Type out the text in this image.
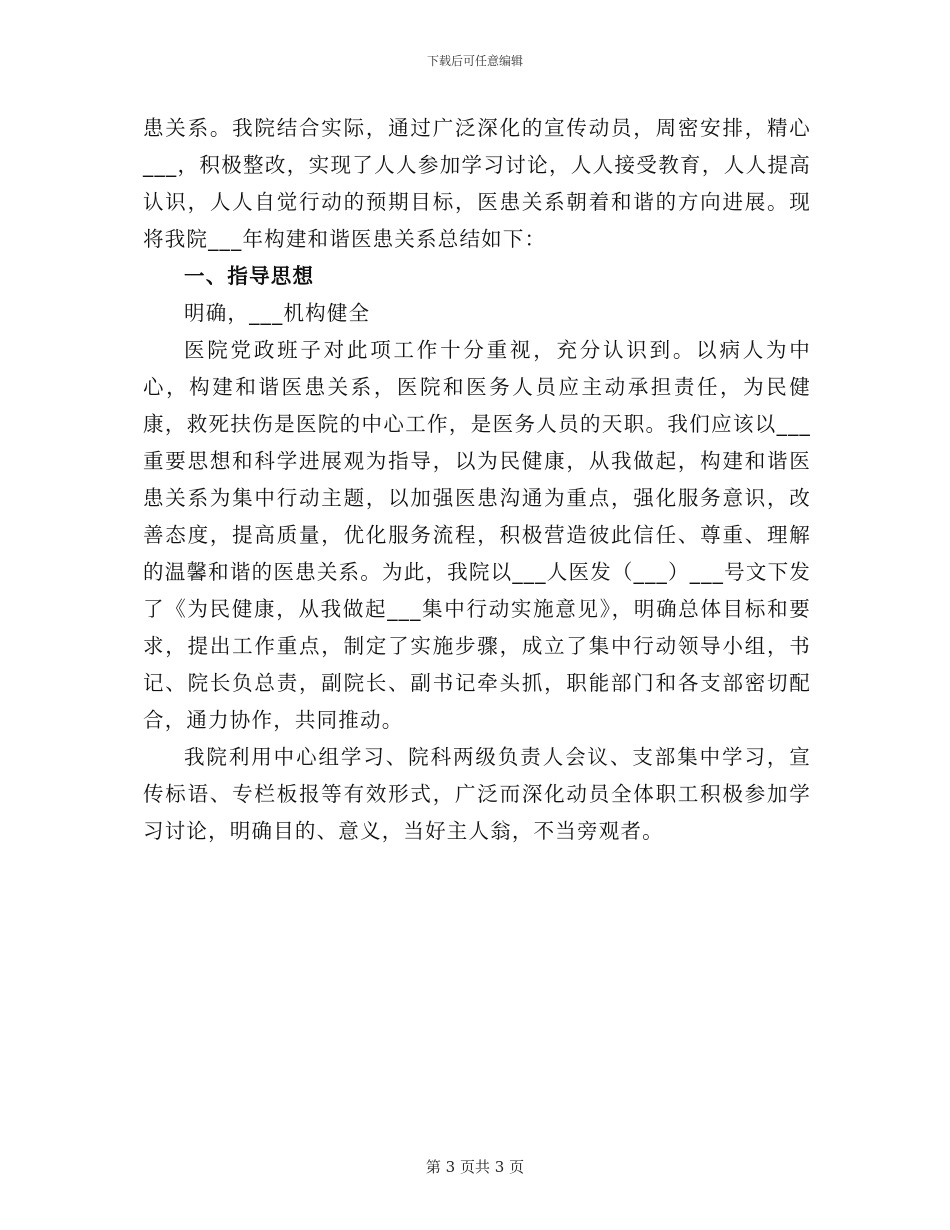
下载后可任意编辑

患关系。我院结合实际，通过广泛深化的宣传动员，周密安排，精心___，积极整改，实现了人人参加学习讨论，人人接受教育，人人提高认识，人人自觉行动的预期目标，医患关系朝着和谐的方向进展。现将我院___年构建和谐医患关系总结如下：

一、指导思想

明确，___机构健全

医院党政班子对此项工作十分重视，充分认识到。以病人为中心，构建和谐医患关系，医院和医务人员应主动承担责任，为民健康，救死扶伤是医院的中心工作，是医务人员的天职。我们应该以___重要思想和科学进展观为指导，以为民健康，从我做起，构建和谐医患关系为集中行动主题，以加强医患沟通为重点，强化服务意识，改善态度，提高质量，优化服务流程，积极营造彼此信任、尊重、理解的温馨和谐的医患关系。为此，我院以___人医发（___）___号文下发了《为民健康，从我做起___集中行动实施意见》，明确总体目标和要求，提出工作重点，制定了实施步骤，成立了集中行动领导小组，书记、院长负总责，副院长、副书记牵头抓，职能部门和各支部密切配合，通力协作，共同推动。

我院利用中心组学习、院科两级负责人会议、支部集中学习，宣传标语、专栏板报等有效形式，广泛而深化动员全体职工积极参加学习讨论，明确目的、意义，当好主人翁，不当旁观者。

第 3 页共 3 页
